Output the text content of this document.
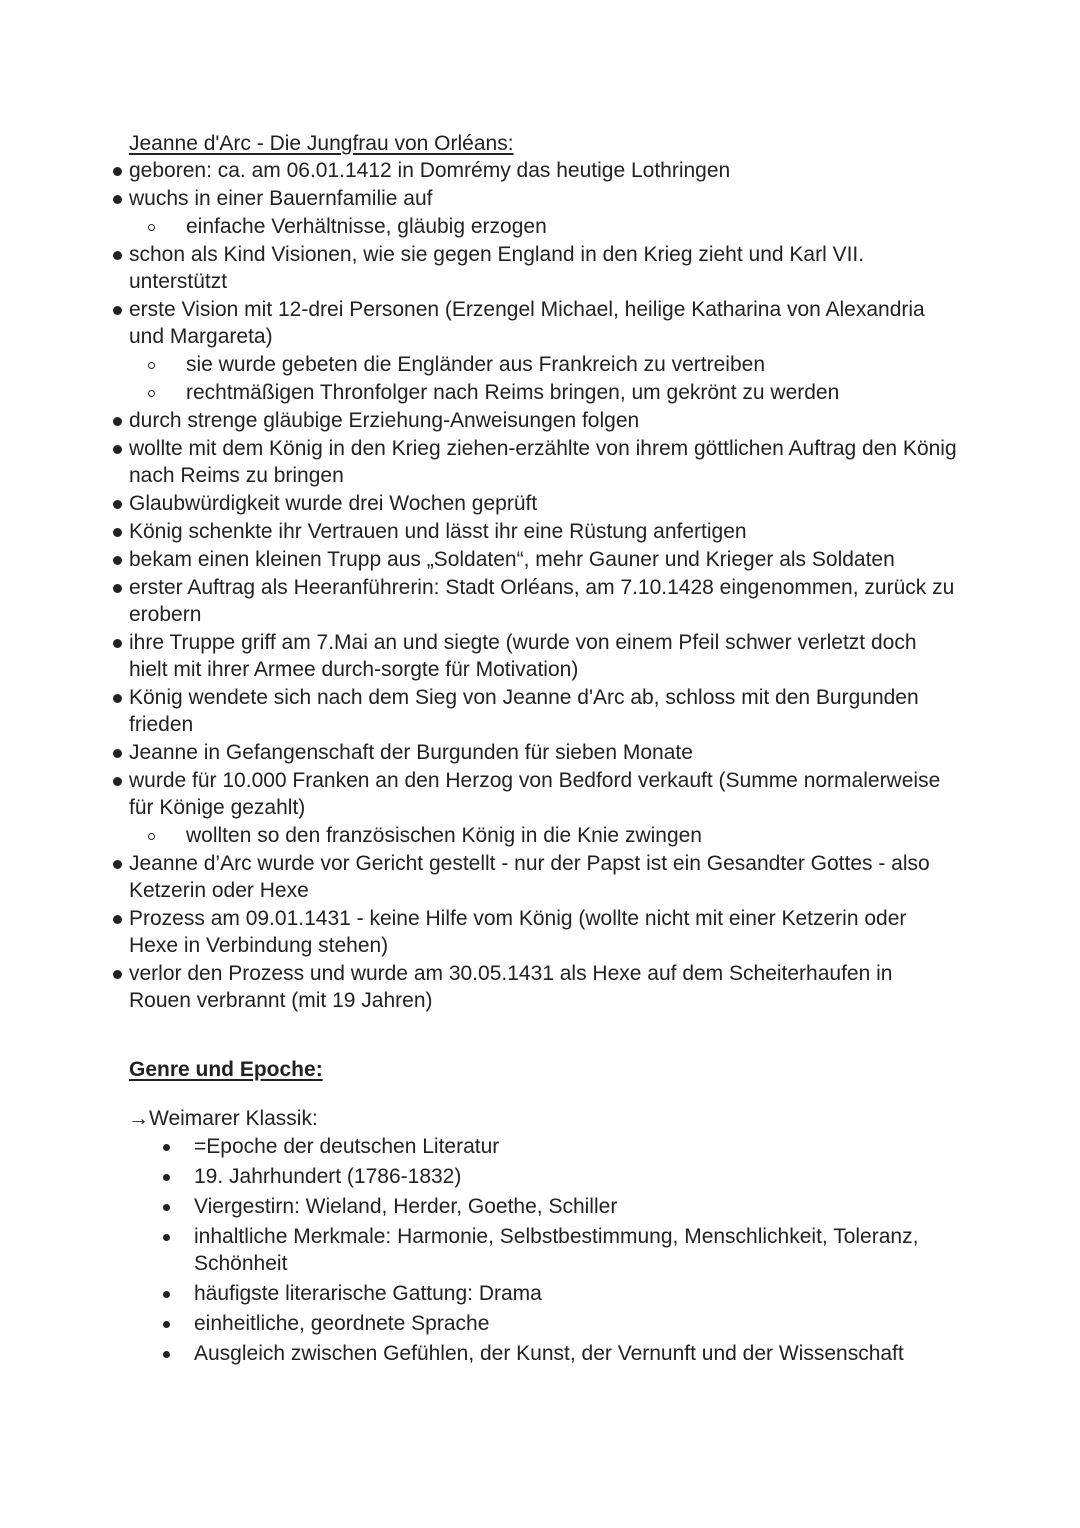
Jeanne d'Arc - Die Jungfrau von Orléans:
geboren: ca. am 06.01.1412 in Domrémy das heutige Lothringen
wuchs in einer Bauernfamilie auf
einfache Verhältnisse, gläubig erzogen
schon als Kind Visionen, wie sie gegen England in den Krieg zieht und Karl VII. unterstützt
erste Vision mit 12-drei Personen (Erzengel Michael, heilige Katharina von Alexandria und Margareta)
sie wurde gebeten die Engländer aus Frankreich zu vertreiben
rechtmäßigen Thronfolger nach Reims bringen, um gekrönt zu werden
durch strenge gläubige Erziehung-Anweisungen folgen
wollte mit dem König in den Krieg ziehen-erzählte von ihrem göttlichen Auftrag den König nach Reims zu bringen
Glaubwürdigkeit wurde drei Wochen geprüft
König schenkte ihr Vertrauen und lässt ihr eine Rüstung anfertigen
bekam einen kleinen Trupp aus „Soldaten“, mehr Gauner und Krieger als Soldaten
erster Auftrag als Heeranführerin: Stadt Orléans, am 7.10.1428 eingenommen, zurück zu erobern
ihre Truppe griff am 7.Mai an und siegte (wurde von einem Pfeil schwer verletzt doch hielt mit ihrer Armee durch-sorgte für Motivation)
König wendete sich nach dem Sieg von Jeanne d'Arc ab, schloss mit den Burgunden frieden
Jeanne in Gefangenschaft der Burgunden für sieben Monate
wurde für 10.000 Franken an den Herzog von Bedford verkauft (Summe normalerweise für Könige gezahlt)
wollten so den französischen König in die Knie zwingen
Jeanne d’Arc wurde vor Gericht gestellt - nur der Papst ist ein Gesandter Gottes - also Ketzerin oder Hexe
Prozess am 09.01.1431 - keine Hilfe vom König (wollte nicht mit einer Ketzerin oder Hexe in Verbindung stehen)
verlor den Prozess und wurde am 30.05.1431 als Hexe auf dem Scheiterhaufen in Rouen verbrannt (mit 19 Jahren)
Genre und Epoche:
→Weimarer Klassik:
=Epoche der deutschen Literatur
19. Jahrhundert (1786-1832)
Viergestirn: Wieland, Herder, Goethe, Schiller
inhaltliche Merkmale: Harmonie, Selbstbestimmung, Menschlichkeit, Toleranz, Schönheit
häufigste literarische Gattung: Drama
einheitliche, geordnete Sprache
Ausgleich zwischen Gefühlen, der Kunst, der Vernunft und der Wissenschaft
